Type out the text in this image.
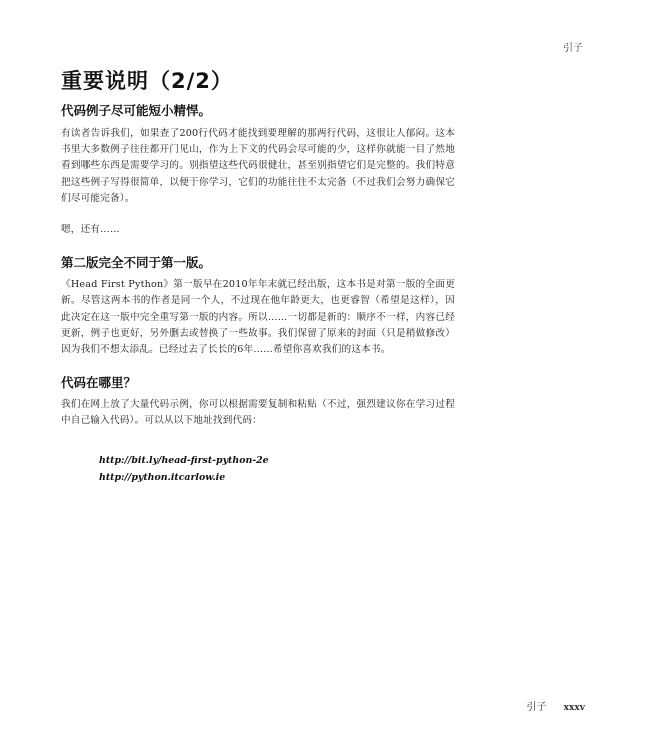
引子
重要说明（2/2）
代码例子尽可能短小精悍。

有读者告诉我们，如果查了200行代码才能找到要理解的那两行代码，这很让人郁闷。这本书里大多数例子往往都开门见山，作为上下文的代码会尽可能的少，这样你就能一目了然地看到哪些东西是需要学习的。别指望这些代码很健壮，甚至别指望它们是完整的。我们特意把这些例子写得很简单，以便于你学习，它们的功能往往不太完备（不过我们会努力确保它们尽可能完备）。

嗯，还有……

第二版完全不同于第一版。

《Head First Python》第一版早在2010年年末就已经出版，这本书是对第一版的全面更新。尽管这两本书的作者是同一个人，不过现在他年龄更大，也更睿智（希望是这样），因此决定在这一版中完全重写第一版的内容。所以……一切都是新的：顺序不一样，内容已经更新，例子也更好，另外删去或替换了一些故事。我们保留了原来的封面（只是稍做修改）因为我们不想太添乱。已经过去了长长的6年……希望你喜欢我们的这本书。

代码在哪里？

我们在网上放了大量代码示例，你可以根据需要复制和粘贴（不过，强烈建议你在学习过程中自己输入代码）。可以从以下地址找到代码：

http://bit.ly/head-first-python-2e
http://python.itcarlow.ie
引子 xxxv
